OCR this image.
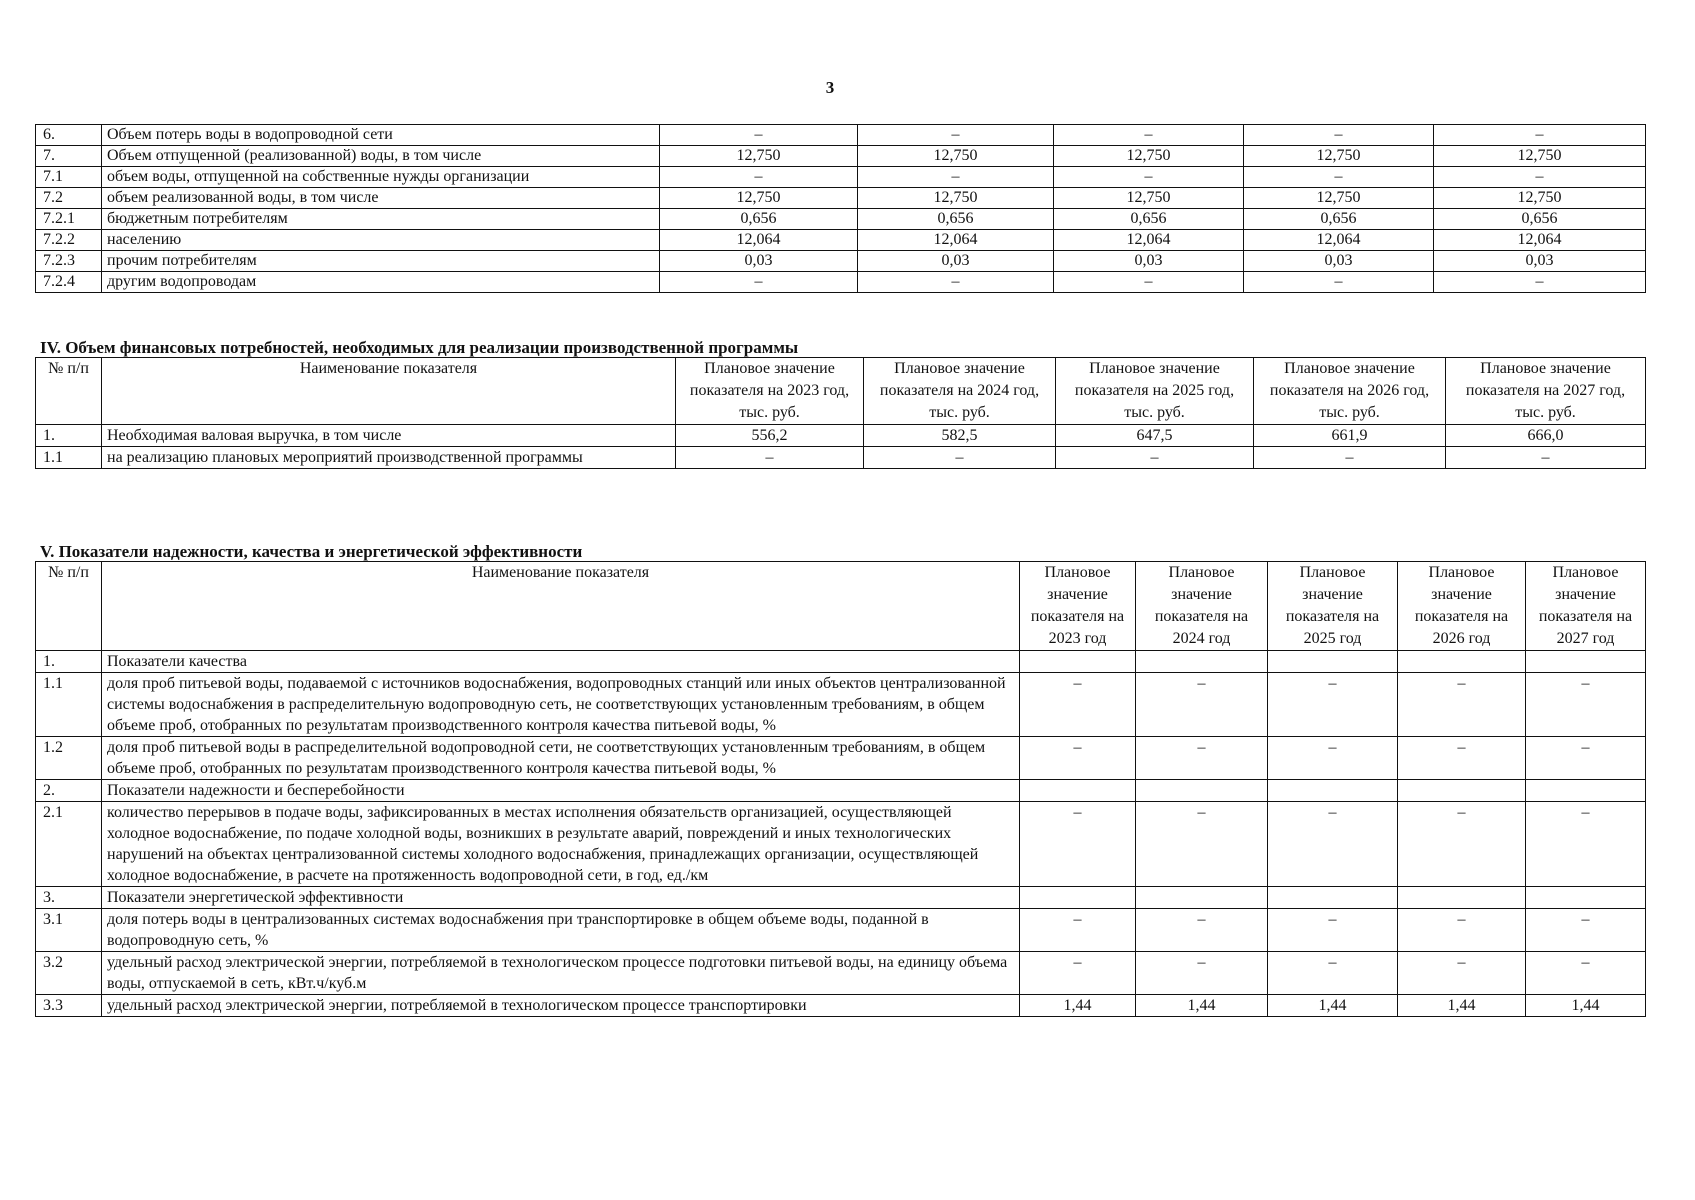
3
6.	Объем потерь воды в водопроводной сети	–	–	–	–	–
7.	Объем отпущенной (реализованной) воды, в том числе	12,750	12,750	12,750	12,750	12,750
7.1	объем воды, отпущенной на собственные нужды организации	–	–	–	–	–
7.2	объем реализованной воды, в том числе	12,750	12,750	12,750	12,750	12,750
7.2.1	бюджетным потребителям	0,656	0,656	0,656	0,656	0,656
7.2.2	населению	12,064	12,064	12,064	12,064	12,064
7.2.3	прочим потребителям	0,03	0,03	0,03	0,03	0,03
7.2.4	другим водопроводам	–	–	–	–	–
IV. Объем финансовых потребностей, необходимых для реализации производственной программы
№ п/п	Наименование показателя	Плановое значение показателя на 2023 год, тыс. руб.	Плановое значение показателя на 2024 год, тыс. руб.	Плановое значение показателя на 2025 год, тыс. руб.	Плановое значение показателя на 2026 год, тыс. руб.	Плановое значение показателя на 2027 год, тыс. руб.
1.	Необходимая валовая выручка, в том числе	556,2	582,5	647,5	661,9	666,0
1.1	на реализацию плановых мероприятий производственной программы	–	–	–	–	–
V. Показатели надежности, качества и энергетической эффективности
№ п/п	Наименование показателя	Плановое значение показателя на 2023 год	Плановое значение показателя на 2024 год	Плановое значение показателя на 2025 год	Плановое значение показателя на 2026 год	Плановое значение показателя на 2027 год
1.	Показатели качества					
1.1	доля проб питьевой воды, подаваемой с источников водоснабжения, водопроводных станций или иных объектов централизованной системы водоснабжения в распределительную водопроводную сеть, не соответствующих установленным требованиям, в общем объеме проб, отобранных по результатам производственного контроля качества питьевой воды, %	–	–	–	–	–
1.2	доля проб питьевой воды в распределительной водопроводной сети, не соответствующих установленным требованиям, в общем объеме проб, отобранных по результатам производственного контроля качества питьевой воды, %	–	–	–	–	–
2.	Показатели надежности и бесперебойности					
2.1	количество перерывов в подаче воды, зафиксированных в местах исполнения обязательств организацией, осуществляющей холодное водоснабжение, по подаче холодной воды, возникших в результате аварий, повреждений и иных технологических нарушений на объектах централизованной системы холодного водоснабжения, принадлежащих организации, осуществляющей холодное водоснабжение, в расчете на протяженность водопроводной сети, в год, ед./км	–	–	–	–	–
3.	Показатели энергетической эффективности					
3.1	доля потерь воды в централизованных системах водоснабжения при транспортировке в общем объеме воды, поданной в водопроводную сеть, %	–	–	–	–	–
3.2	удельный расход электрической энергии, потребляемой в технологическом процессе подготовки питьевой воды, на единицу объема воды, отпускаемой в сеть, кВт.ч/куб.м	–	–	–	–	–
3.3	удельный расход электрической энергии, потребляемой в технологическом процессе транспортировки	1,44	1,44	1,44	1,44	1,44
